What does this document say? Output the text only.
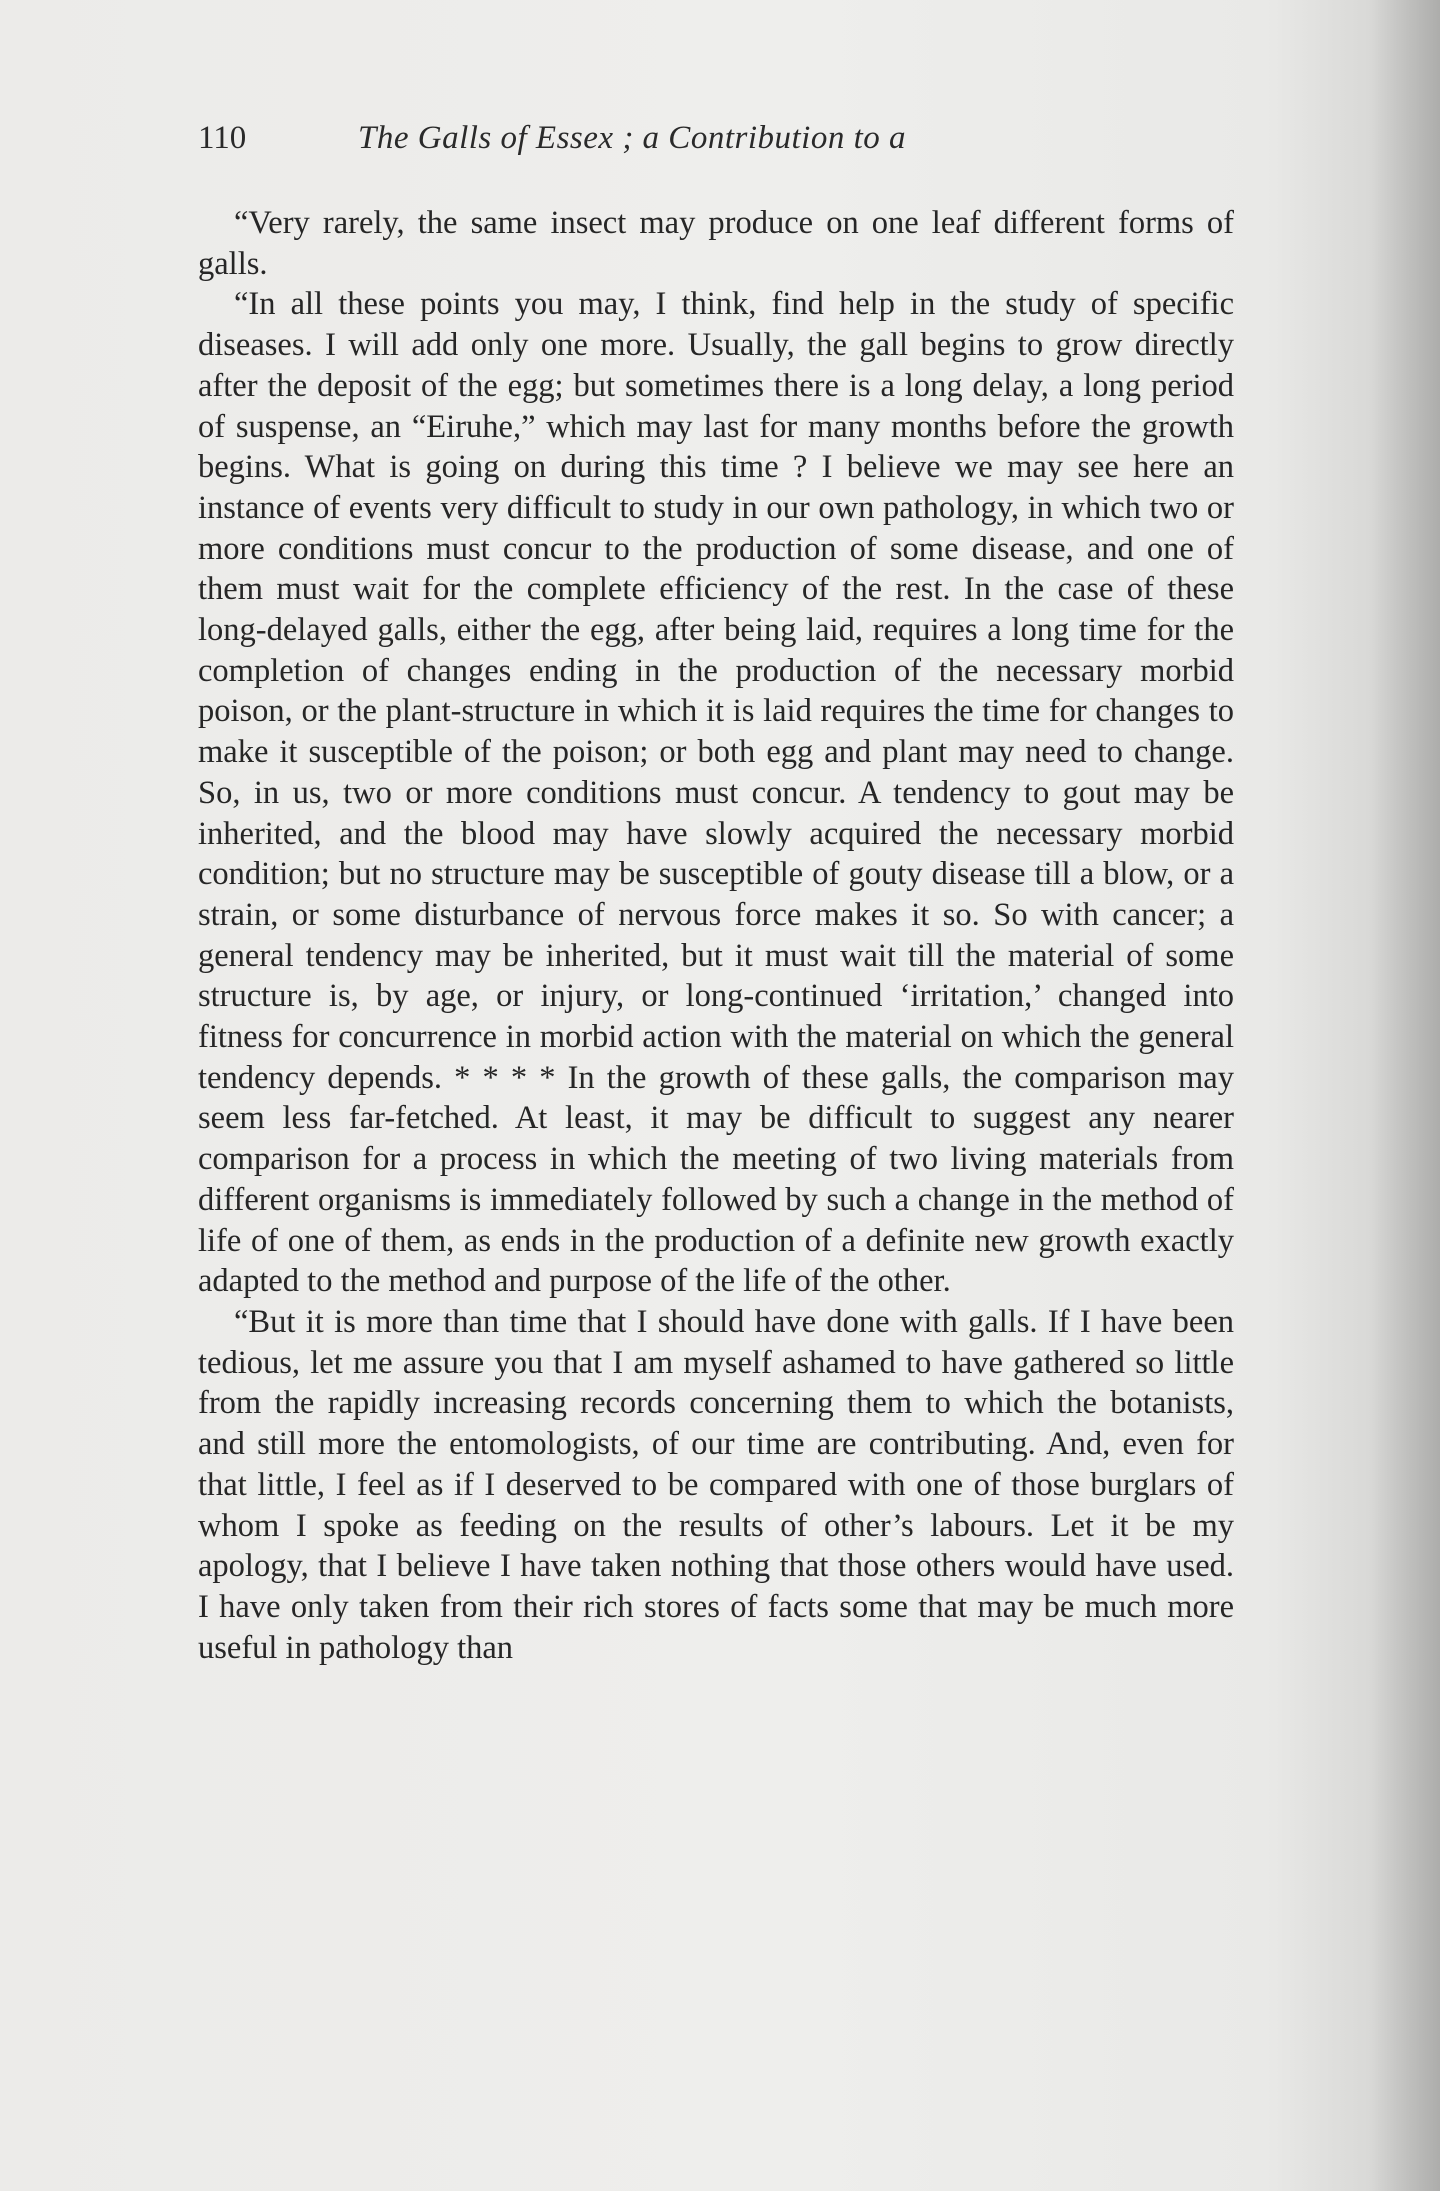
110	The Galls of Essex ; a Contribution to a

“Very rarely, the same insect may produce on one leaf different forms of galls.

“In all these points you may, I think, find help in the study of specific diseases. I will add only one more. Usually, the gall begins to grow directly after the deposit of the egg; but sometimes there is a long delay, a long period of suspense, an “Eiruhe,” which may last for many months before the growth begins. What is going on during this time ? I believe we may see here an instance of events very difficult to study in our own pathology, in which two or more conditions must concur to the production of some disease, and one of them must wait for the complete efficiency of the rest. In the case of these long-delayed galls, either the egg, after being laid, requires a long time for the completion of changes ending in the production of the necessary morbid poison, or the plant-structure in which it is laid requires the time for changes to make it susceptible of the poison; or both egg and plant may need to change. So, in us, two or more conditions must concur. A tendency to gout may be inherited, and the blood may have slowly acquired the necessary morbid condition; but no structure may be susceptible of gouty disease till a blow, or a strain, or some disturbance of nervous force makes it so. So with cancer; a general tendency may be inherited, but it must wait till the material of some structure is, by age, or injury, or long-continued ‘irritation,’ changed into fitness for concurrence in morbid action with the material on which the general tendency depends. * * * * In the growth of these galls, the comparison may seem less far-fetched. At least, it may be difficult to suggest any nearer comparison for a process in which the meeting of two living materials from different organisms is immediately followed by such a change in the method of life of one of them, as ends in the production of a definite new growth exactly adapted to the method and purpose of the life of the other.

“But it is more than time that I should have done with galls. If I have been tedious, let me assure you that I am myself ashamed to have gathered so little from the rapidly increasing records concerning them to which the botanists, and still more the entomologists, of our time are contributing. And, even for that little, I feel as if I deserved to be compared with one of those burglars of whom I spoke as feeding on the results of other’s labours. Let it be my apology, that I believe I have taken nothing that those others would have used. I have only taken from their rich stores of facts some that may be much more useful in pathology than
